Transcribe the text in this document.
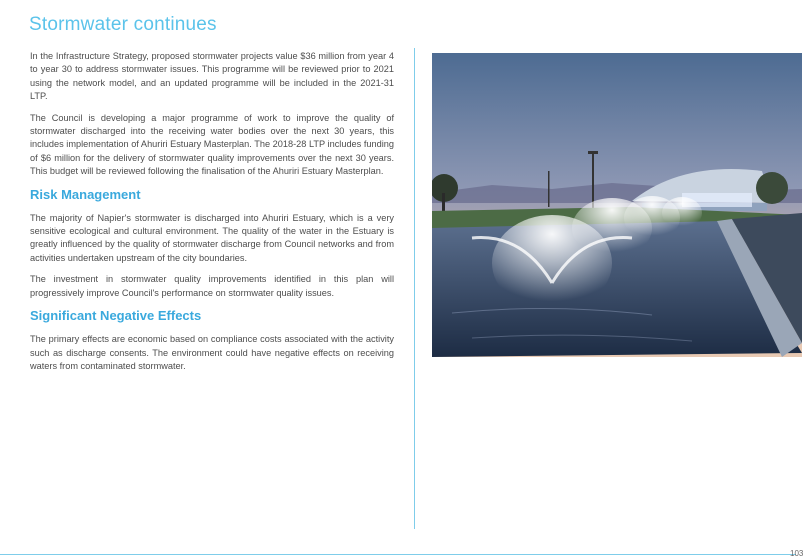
Stormwater continues

In the Infrastructure Strategy, proposed stormwater projects value $36 million from year 4 to year 30 to address stormwater issues. This programme will be reviewed prior to 2021 using the network model, and an updated programme will be included in the 2021-31 LTP.

The Council is developing a major programme of work to improve the quality of stormwater discharged into the receiving water bodies over the next 30 years, this includes implementation of Ahuriri Estuary Masterplan. The 2018-28 LTP includes funding of $6 million for the delivery of stormwater quality improvements over the next 30 years. This budget will be reviewed following the finalisation of the Ahuriri Estuary Masterplan.

Risk Management

The majority of Napier's stormwater is discharged into Ahuriri Estuary, which is a very sensitive ecological and cultural environment. The quality of the water in the Estuary is greatly influenced by the quality of stormwater discharge from Council networks and from activities undertaken upstream of the city boundaries.

The investment in stormwater quality improvements identified in this plan will progressively improve Council's performance on stormwater quality issues.

Significant Negative Effects

The primary effects are economic based on compliance costs associated with the activity such as discharge consents. The environment could have negative effects on receiving waters from contaminated stormwater.

103
